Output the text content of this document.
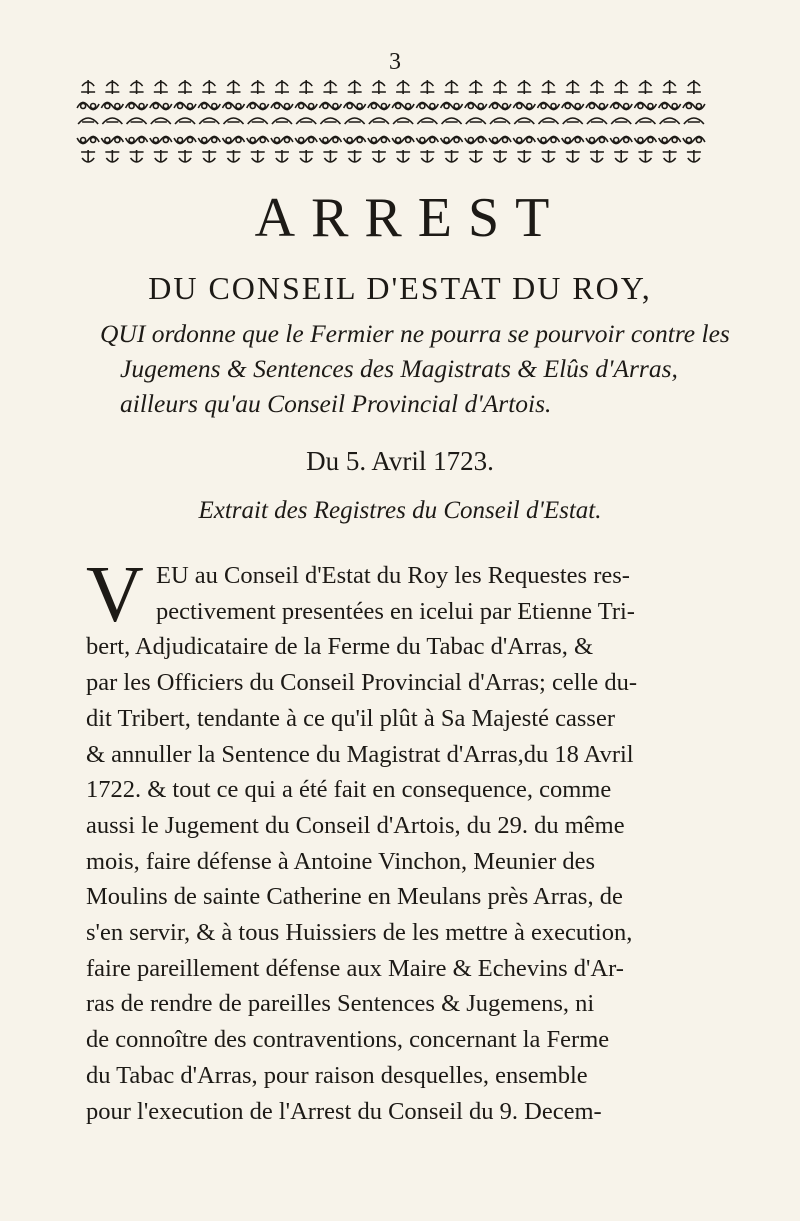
3
ARREST
DU CONSEIL D'ESTAT DU ROY,
QUI ordonne que le Fermier ne pourra se pourvoir contre les
Jugemens & Sentences des Magistrats & Elûs d'Arras,
ailleurs qu'au Conseil Provincial d'Artois.
Du 5. Avril 1723.
Extrait des Registres du Conseil d'Estat.
V EU au Conseil d'Estat du Roy les Requestes res-
pectivement presentées en icelui par Etienne Tri-
bert, Adjudicataire de la Ferme du Tabac d'Arras, &
par les Officiers du Conseil Provincial d'Arras; celle du-
dit Tribert, tendante à ce qu'il plût à Sa Majesté casser
& annuller la Sentence du Magistrat d'Arras,du 18 Avril
1722. & tout ce qui a été fait en consequence, comme
aussi le Jugement du Conseil d'Artois, du 29. du même
mois, faire défense à Antoine Vinchon, Meunier des
Moulins de sainte Catherine en Meulans près Arras, de
s'en servir, & à tous Huissiers de les mettre à execution,
faire pareillement défense aux Maire & Echevins d'Ar-
ras de rendre de pareilles Sentences & Jugemens, ni
de connoître des contraventions, concernant la Ferme
du Tabac d'Arras, pour raison desquelles, ensemble
pour l'execution de l'Arrest du Conseil du 9. Decem-
